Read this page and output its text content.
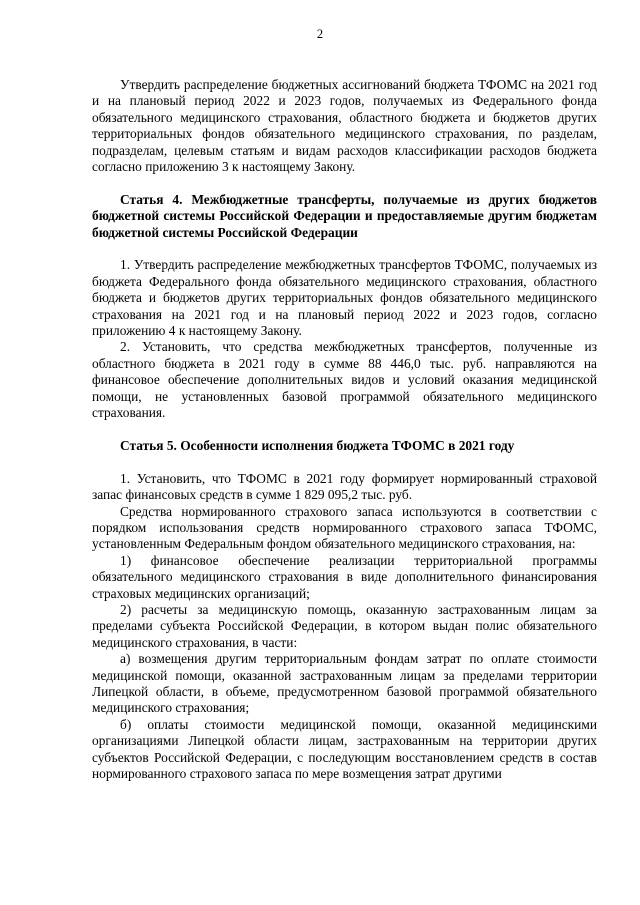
2

Утвердить распределение бюджетных ассигнований бюджета ТФОМС на 2021 год и на плановый период 2022 и 2023 годов, получаемых из Федерального фонда обязательного медицинского страхования, областного бюджета и бюджетов других территориальных фондов обязательного медицинского страхования, по разделам, подразделам, целевым статьям и видам расходов классификации расходов бюджета согласно приложению 3 к настоящему Закону.

Статья 4. Межбюджетные трансферты, получаемые из других бюджетов бюджетной системы Российской Федерации и предоставляемые другим бюджетам бюджетной системы Российской Федерации

1. Утвердить распределение межбюджетных трансфертов ТФОМС, получаемых из бюджета Федерального фонда обязательного медицинского страхования, областного бюджета и бюджетов других территориальных фондов обязательного медицинского страхования на 2021 год и на плановый период 2022 и 2023 годов, согласно приложению 4 к настоящему Закону.

2. Установить, что средства межбюджетных трансфертов, полученные из областного бюджета в 2021 году в сумме 88 446,0 тыс. руб. направляются на финансовое обеспечение дополнительных видов и условий оказания медицинской помощи, не установленных базовой программой обязательного медицинского страхования.

Статья 5. Особенности исполнения бюджета ТФОМС в 2021 году

1. Установить, что ТФОМС в 2021 году формирует нормированный страховой запас финансовых средств в сумме 1 829 095,2 тыс. руб.

Средства нормированного страхового запаса используются в соответствии с порядком использования средств нормированного страхового запаса ТФОМС, установленным Федеральным фондом обязательного медицинского страхования, на:

1) финансовое обеспечение реализации территориальной программы обязательного медицинского страхования в виде дополнительного финансирования страховых медицинских организаций;

2) расчеты за медицинскую помощь, оказанную застрахованным лицам за пределами субъекта Российской Федерации, в котором выдан полис обязательного медицинского страхования, в части:

а) возмещения другим территориальным фондам затрат по оплате стоимости медицинской помощи, оказанной застрахованным лицам за пределами территории Липецкой области, в объеме, предусмотренном базовой программой обязательного медицинского страхования;

б) оплаты стоимости медицинской помощи, оказанной медицинскими организациями Липецкой области лицам, застрахованным на территории других субъектов Российской Федерации, с последующим восстановлением средств в состав нормированного страхового запаса по мере возмещения затрат другими
